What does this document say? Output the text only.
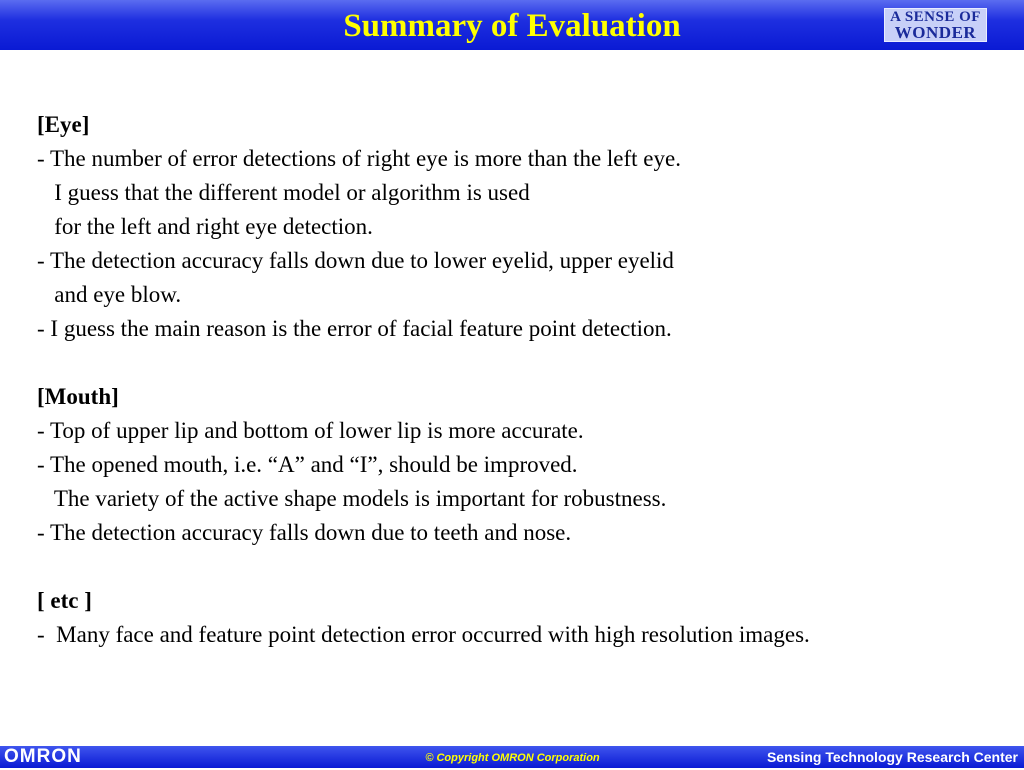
Summary of Evaluation	A SENSE OF
WONDER
[Eye]
- The number of error detections of right eye is more than the left eye.
I guess that the different model or algorithm is used
for the left and right eye detection.
- The detection accuracy falls down due to lower eyelid, upper eyelid
and eye blow.
- I guess the main reason is the error of facial feature point detection.
[Mouth]
- Top of upper lip and bottom of lower lip is more accurate.
- The opened mouth, i.e. “A” and “I”, should be improved.
The variety of the active shape models is important for robustness.
- The detection accuracy falls down due to teeth and nose.
[ etc ]
-  Many face and feature point detection error occurred with high resolution images.
OMRON	© Copyright OMRON Corporation	Sensing Technology Research Center
